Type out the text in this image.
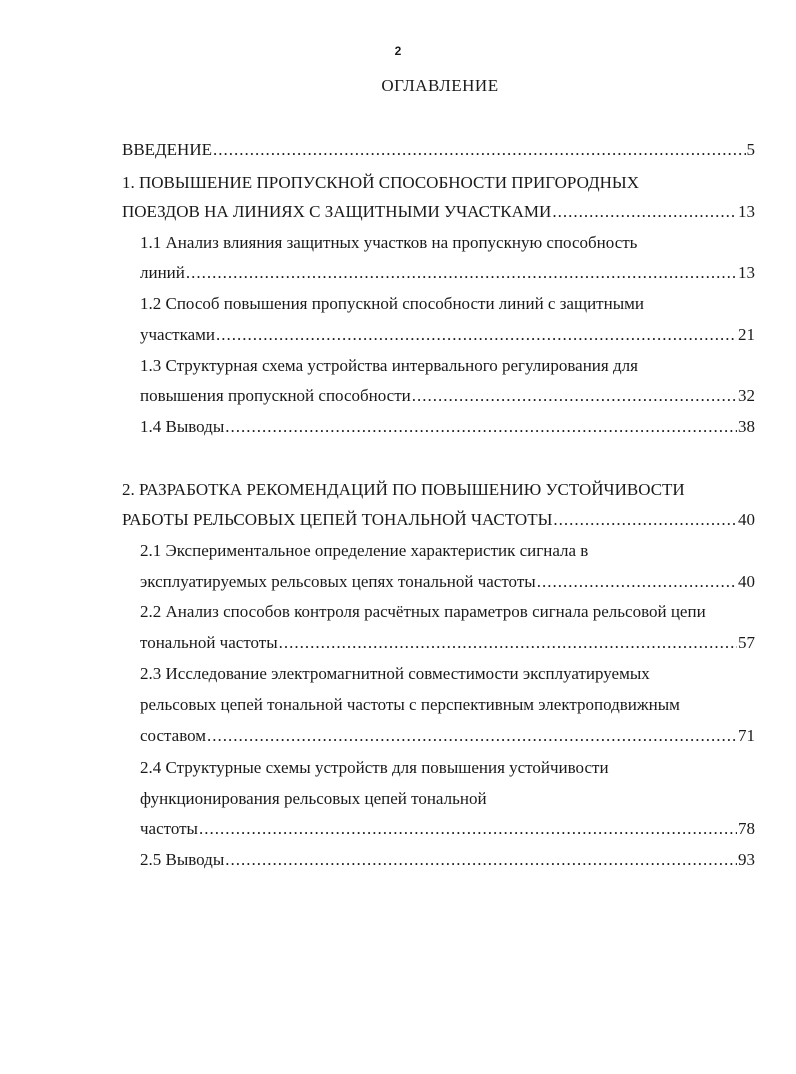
2
ОГЛАВЛЕНИЕ
ВВЕДЕНИЕ .....	5
1. ПОВЫШЕНИЕ ПРОПУСКНОЙ СПОСОБНОСТИ ПРИГОРОДНЫХ
ПОЕЗДОВ НА ЛИНИЯХ С ЗАЩИТНЫМИ УЧАСТКАМИ .....	13
1.1 Анализ влияния защитных участков на пропускную способность
линий .....	13
1.2 Способ повышения пропускной способности линий с защитными
участками .....	21
1.3 Структурная схема устройства интервального регулирования для
повышения пропускной способности .....	32
1.4 Выводы .....	38
2. РАЗРАБОТКА РЕКОМЕНДАЦИЙ ПО ПОВЫШЕНИЮ УСТОЙЧИВОСТИ
РАБОТЫ РЕЛЬСОВЫХ ЦЕПЕЙ ТОНАЛЬНОЙ ЧАСТОТЫ .....	40
2.1 Экспериментальное определение характеристик сигнала в
эксплуатируемых рельсовых цепях тональной частоты .....	40
2.2 Анализ способов контроля расчётных параметров сигнала рельсовой цепи
тональной частоты .....	57
2.3 Исследование электромагнитной совместимости эксплуатируемых
рельсовых цепей тональной частоты с перспективным электроподвижным
составом .....	71
2.4 Структурные схемы устройств для повышения устойчивости
функционирования рельсовых цепей тональной
частоты .....	78
2.5 Выводы .....	93
